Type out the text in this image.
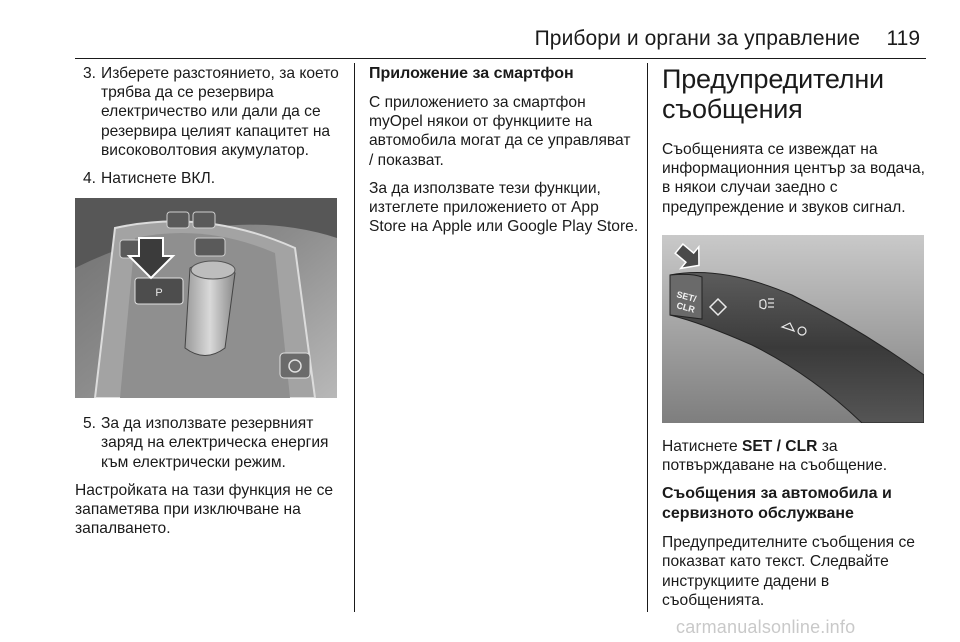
Прибори и органи за управление	119
3. Изберете разстоянието, за което трябва да се резервира електричество или дали да се резервира целият капацитет на високоволтовия акумулатор.
4. Натиснете ВКЛ.
P
5. За да използвате резервният заряд на електрическа енергия към електрически режим.

Настройката на тази функция не се запаметява при изключване на запалването.

Приложение за смартфон

С приложението за смартфон myOpel някои от функциите на автомобила могат да се управляват / показват.

За да използвате тези функции, изтеглете приложението от App Store на Apple или Google Play Store.

Предупредителни съобщения

Съобщенията се извеждат на информационния център за водача, в някои случаи заедно с предупреждение и звуков сигнал.

SET/
CLR

Натиснете SET / CLR за
потвърждаване на съобщение.

Съобщения за автомобила и сервизното обслужване

Предупредителните съобщения се показват като текст. Следвайте инструкциите дадени в съобщенията.

carmanualsonline.info
